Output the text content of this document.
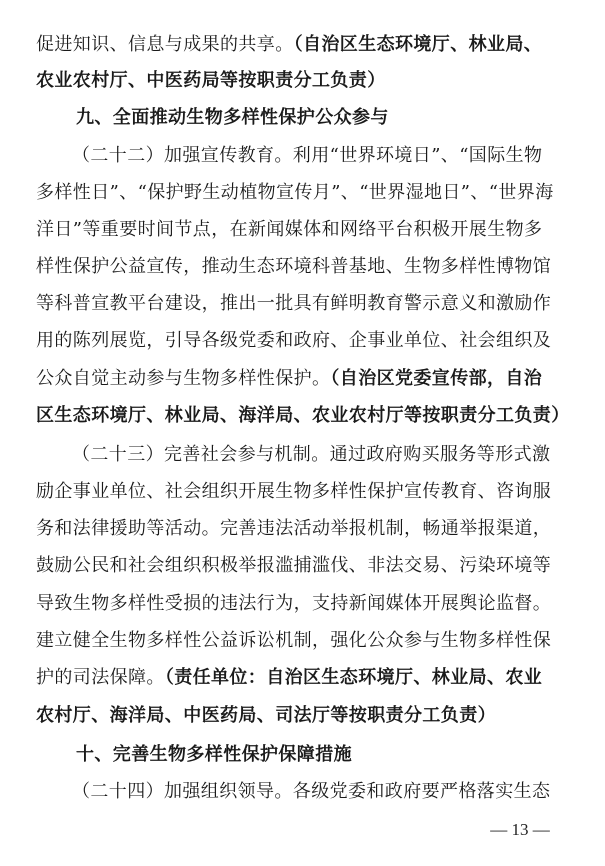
促进知识、信息与成果的共享。（自治区生态环境厅、林业局、
农业农村厅、中医药局等按职责分工负责）
九、全面推动生物多样性保护公众参与
（二十二）加强宣传教育。利用“世界环境日”、“国际生物
多样性日”、“保护野生动植物宣传月”、“世界湿地日”、“世界海
洋日”等重要时间节点，在新闻媒体和网络平台积极开展生物多
样性保护公益宣传，推动生态环境科普基地、生物多样性博物馆
等科普宣教平台建设，推出一批具有鲜明教育警示意义和激励作
用的陈列展览，引导各级党委和政府、企事业单位、社会组织及
公众自觉主动参与生物多样性保护。（自治区党委宣传部，自治
区生态环境厅、林业局、海洋局、农业农村厅等按职责分工负责）
（二十三）完善社会参与机制。通过政府购买服务等形式激
励企事业单位、社会组织开展生物多样性保护宣传教育、咨询服
务和法律援助等活动。完善违法活动举报机制，畅通举报渠道，
鼓励公民和社会组织积极举报滥捕滥伐、非法交易、污染环境等
导致生物多样性受损的违法行为，支持新闻媒体开展舆论监督。
建立健全生物多样性公益诉讼机制，强化公众参与生物多样性保
护的司法保障。（责任单位：自治区生态环境厅、林业局、农业
农村厅、海洋局、中医药局、司法厅等按职责分工负责）
十、完善生物多样性保护保障措施
（二十四）加强组织领导。各级党委和政府要严格落实生态
— 13 —
